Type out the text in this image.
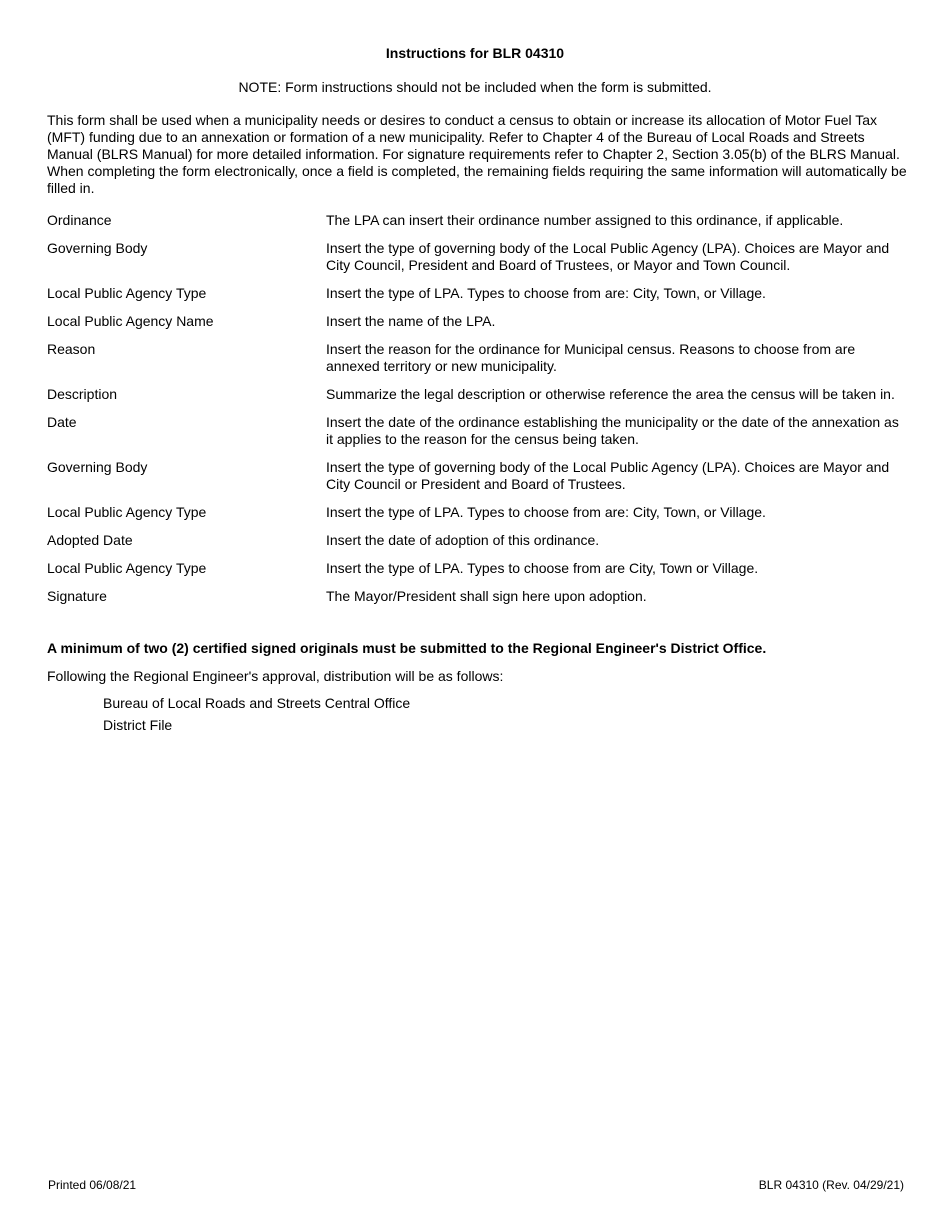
Instructions for BLR 04310
NOTE: Form instructions should not be included when the form is submitted.

This form shall be used when a municipality needs or desires to conduct a census to obtain or increase its allocation of Motor Fuel Tax (MFT) funding due to an annexation or formation of a new municipality. Refer to Chapter 4 of the Bureau of Local Roads and Streets Manual (BLRS Manual) for more detailed information. For signature requirements refer to Chapter 2, Section 3.05(b) of the BLRS Manual. When completing the form electronically, once a field is completed, the remaining fields requiring the same information will automatically be filled in.

Ordinance	The LPA can insert their ordinance number assigned to this ordinance, if applicable.
Governing Body	Insert the type of governing body of the Local Public Agency (LPA). Choices are Mayor and City Council, President and Board of Trustees, or Mayor and Town Council.
Local Public Agency Type	Insert the type of LPA. Types to choose from are: City, Town, or Village.
Local Public Agency Name	Insert the name of the LPA.
Reason	Insert the reason for the ordinance for Municipal census. Reasons to choose from are annexed territory or new municipality.
Description	Summarize the legal description or otherwise reference the area the census will be taken in.
Date	Insert the date of the ordinance establishing the municipality or the date of the annexation as it applies to the reason for the census being taken.
Governing Body	Insert the type of governing body of the Local Public Agency (LPA). Choices are Mayor and City Council or President and Board of Trustees.
Local Public Agency Type	Insert the type of LPA. Types to choose from are: City, Town, or Village.
Adopted Date	Insert the date of adoption of this ordinance.
Local Public Agency Type	Insert the type of LPA. Types to choose from are City, Town or Village.
Signature	The Mayor/President shall sign here upon adoption.
A minimum of two (2) certified signed originals must be submitted to the Regional Engineer's District Office.
Following the Regional Engineer's approval, distribution will be as follows:
Bureau of Local Roads and Streets Central Office
District File
Printed 06/08/21	BLR 04310 (Rev. 04/29/21)
